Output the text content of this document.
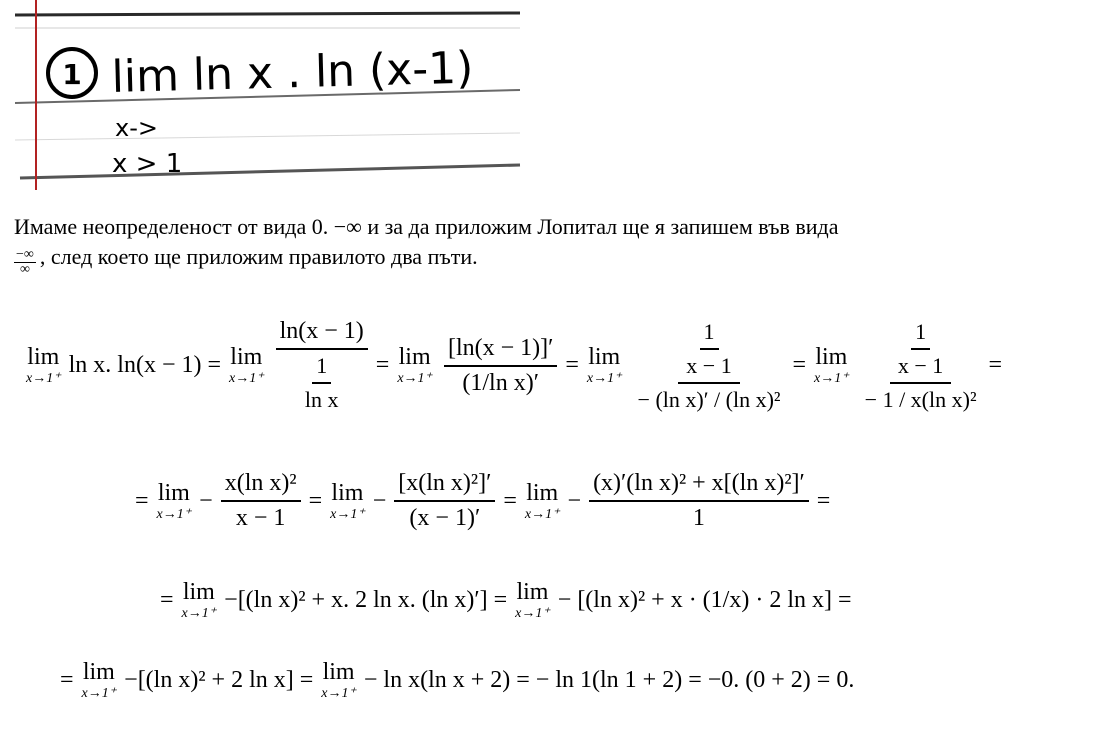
1 lim ln x . ln (x-1)
x->
x > 1
Имаме неопределеност от вида 0. −∞ и за да приложим Лопитал ще я запишем във вида

$\frac{-\infty}{\infty}$ , след което ще приложим правилото два пъти.
lim
x→1⁺
ln x. ln(x − 1) = lim
$x\to 1^+ \frac{\ln(x - 1)}{\frac{1}{\text{ln x}}} = \lim$
$x\to 1^+ \frac{[\ln(x - 1)]'}{\text{(1/ln x)′}} = \lim$
$x\to 1^+ \frac{\frac{1}{x - 1}}{\text{− (ln x)′ / (ln x)²}} = \lim$
$x\to 1^+ \frac{\frac{1}{x - 1}}{\text{− 1 / x(ln x)²}}$ =
= lim
x→1⁺
− $\frac{\text{x(ln x)²}}{x - 1} = \lim$
x→1⁺
− $\frac{\text{[x(ln x)²]′}}{(x - 1)'} = \lim$
x→1⁺
− $\frac{\text{(x)′(ln x)² + x[(ln x)²]′}}{1}$ =
= lim
x→1⁺
−[(ln x)² + x. 2 ln x. (ln x)′] = lim
x→1⁺
− [(ln x)² + x · (1/x) · 2 ln x] =
= lim
x→1⁺
−[(ln x)² + 2 ln x] = lim
x→1⁺
− ln x(ln x + 2) = − ln 1(ln 1 + 2) = −0. (0 + 2) = 0.
